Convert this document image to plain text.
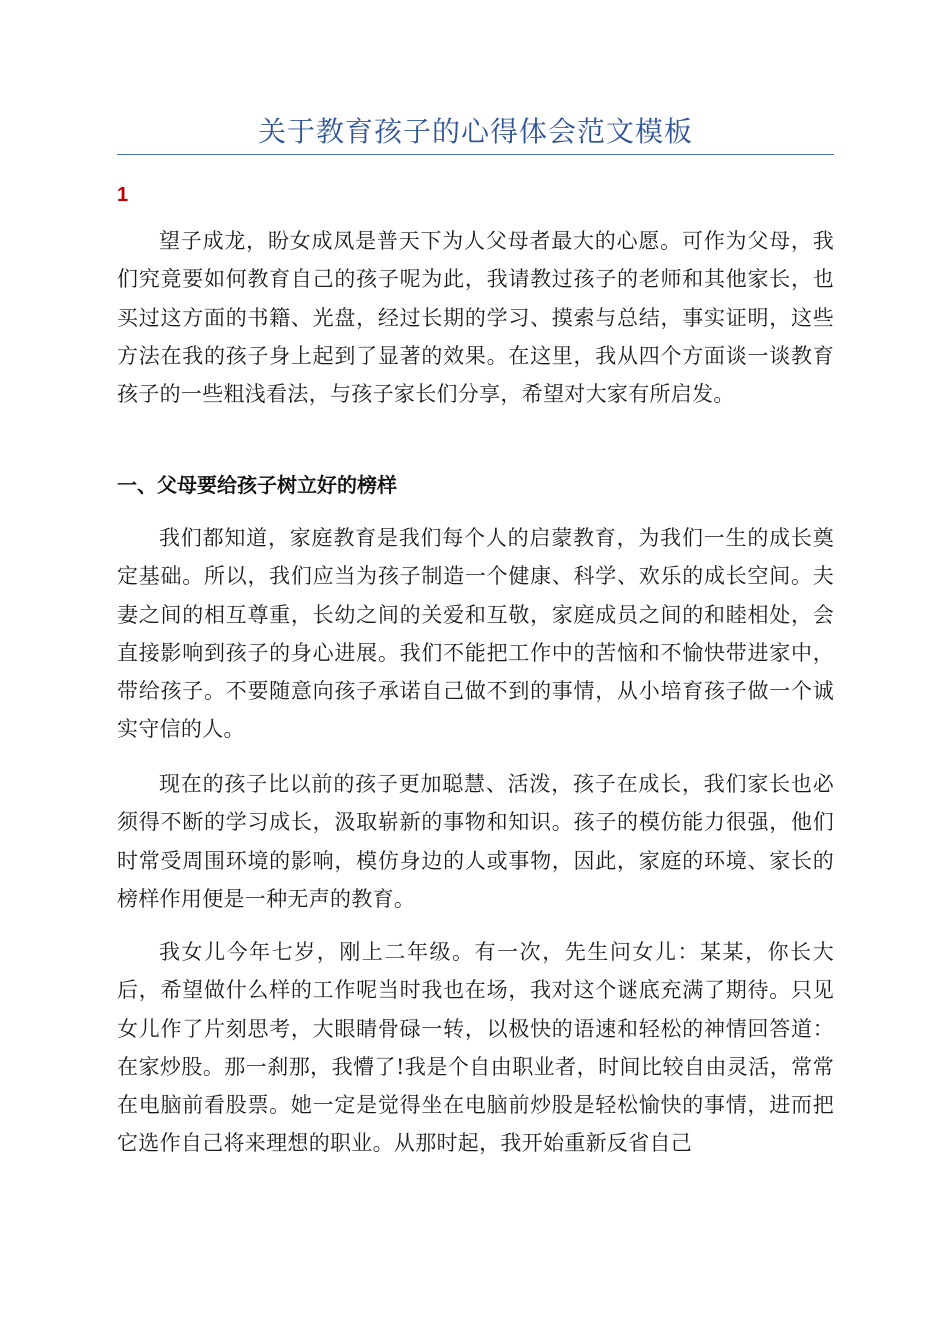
关于教育孩子的心得体会范文模板
1

望子成龙，盼女成凤是普天下为人父母者最大的心愿。可作为父母，我们究竟要如何教育自己的孩子呢为此，我请教过孩子的老师和其他家长，也买过这方面的书籍、光盘，经过长期的学习、摸索与总结，事实证明，这些方法在我的孩子身上起到了显著的效果。在这里，我从四个方面谈一谈教育孩子的一些粗浅看法，与孩子家长们分享，希望对大家有所启发。

一、父母要给孩子树立好的榜样

我们都知道，家庭教育是我们每个人的启蒙教育，为我们一生的成长奠定基础。所以，我们应当为孩子制造一个健康、科学、欢乐的成长空间。夫妻之间的相互尊重，长幼之间的关爱和互敬，家庭成员之间的和睦相处，会直接影响到孩子的身心进展。我们不能把工作中的苦恼和不愉快带进家中，带给孩子。不要随意向孩子承诺自己做不到的事情，从小培育孩子做一个诚实守信的人。

现在的孩子比以前的孩子更加聪慧、活泼，孩子在成长，我们家长也必须得不断的学习成长，汲取崭新的事物和知识。孩子的模仿能力很强，他们时常受周围环境的影响，模仿身边的人或事物，因此，家庭的环境、家长的榜样作用便是一种无声的教育。

我女儿今年七岁，刚上二年级。有一次，先生问女儿：某某，你长大后，希望做什么样的工作呢当时我也在场，我对这个谜底充满了期待。只见女儿作了片刻思考，大眼睛骨碌一转，以极快的语速和轻松的神情回答道：在家炒股。那一刹那，我懵了!我是个自由职业者，时间比较自由灵活，常常在电脑前看股票。她一定是觉得坐在电脑前炒股是轻松愉快的事情，进而把它选作自己将来理想的职业。从那时起，我开始重新反省自己
